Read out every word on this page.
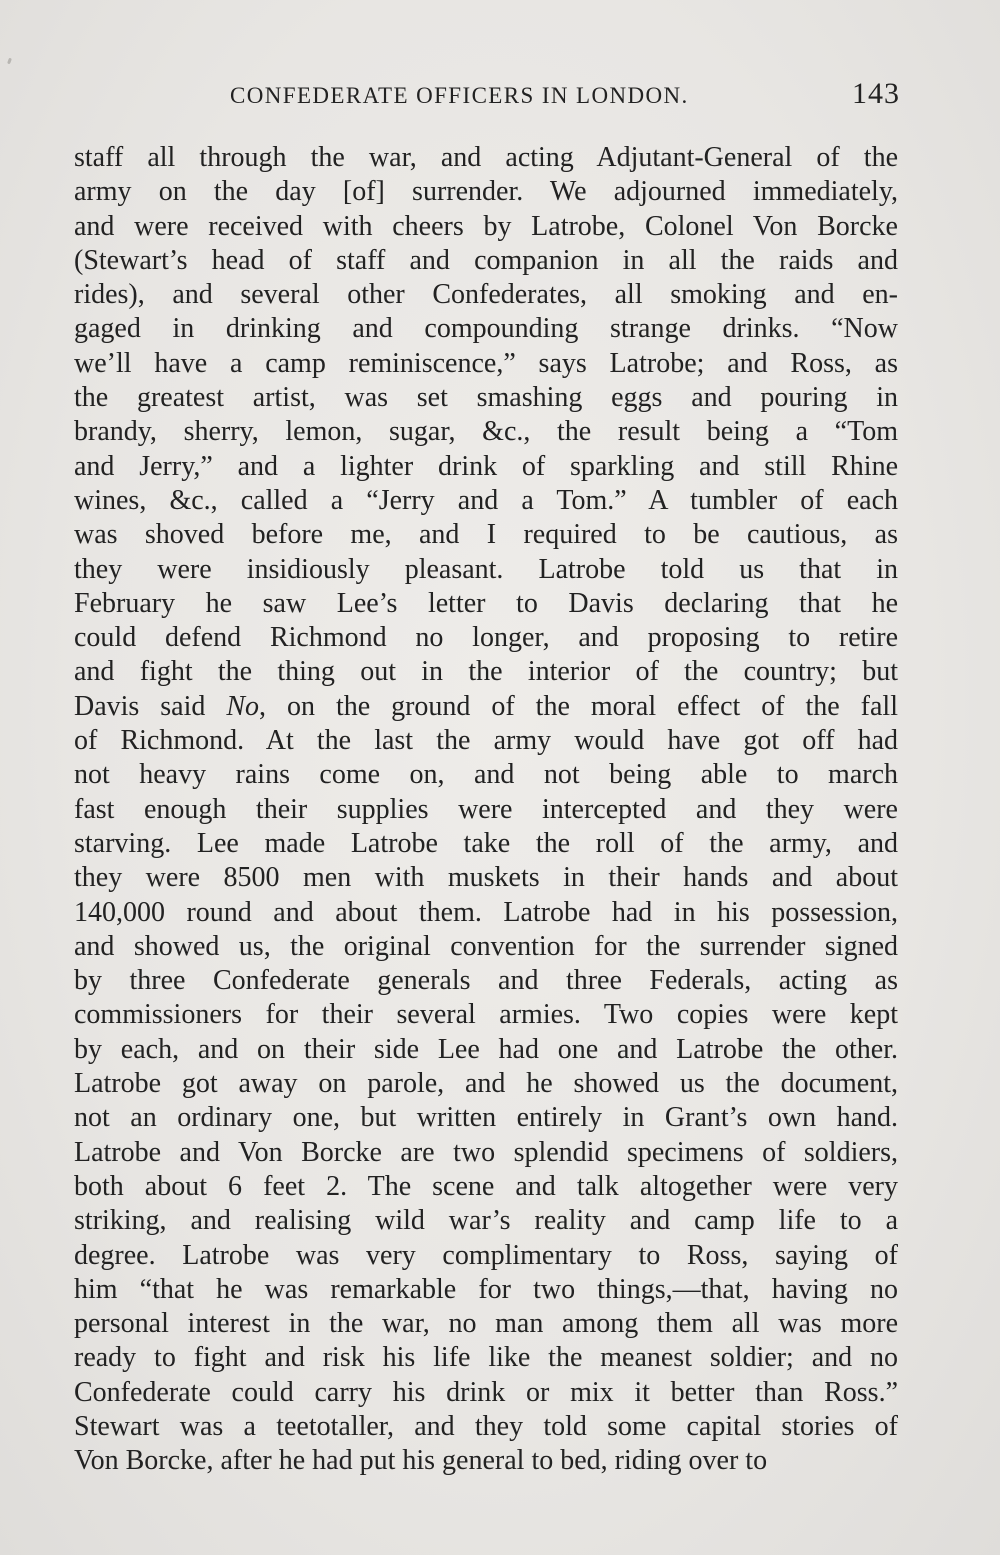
CONFEDERATE OFFICERS IN LONDON.	143
staff all through the war, and acting Adjutant-General of the
army on the day [of] surrender. We adjourned immediately,
and were received with cheers by Latrobe, Colonel Von Borcke
(Stewart’s head of staff and companion in all the raids and
rides), and several other Confederates, all smoking and en-
gaged in drinking and compounding strange drinks. “Now
we’ll have a camp reminiscence,” says Latrobe; and Ross, as
the greatest artist, was set smashing eggs and pouring in
brandy, sherry, lemon, sugar, &c., the result being a “Tom
and Jerry,” and a lighter drink of sparkling and still Rhine
wines, &c., called a “Jerry and a Tom.” A tumbler of each
was shoved before me, and I required to be cautious, as
they were insidiously pleasant. Latrobe told us that in
February he saw Lee’s letter to Davis declaring that he
could defend Richmond no longer, and proposing to retire
and fight the thing out in the interior of the country; but
Davis said No, on the ground of the moral effect of the fall
of Richmond. At the last the army would have got off had
not heavy rains come on, and not being able to march
fast enough their supplies were intercepted and they were
starving. Lee made Latrobe take the roll of the army, and
they were 8500 men with muskets in their hands and about
140,000 round and about them. Latrobe had in his possession,
and showed us, the original convention for the surrender signed
by three Confederate generals and three Federals, acting as
commissioners for their several armies. Two copies were kept
by each, and on their side Lee had one and Latrobe the other.
Latrobe got away on parole, and he showed us the document,
not an ordinary one, but written entirely in Grant’s own hand.
Latrobe and Von Borcke are two splendid specimens of soldiers,
both about 6 feet 2. The scene and talk altogether were very
striking, and realising wild war’s reality and camp life to a
degree. Latrobe was very complimentary to Ross, saying of
him “that he was remarkable for two things,—that, having no
personal interest in the war, no man among them all was more
ready to fight and risk his life like the meanest soldier; and no
Confederate could carry his drink or mix it better than Ross.”
Stewart was a teetotaller, and they told some capital stories of
Von Borcke, after he had put his general to bed, riding over to
